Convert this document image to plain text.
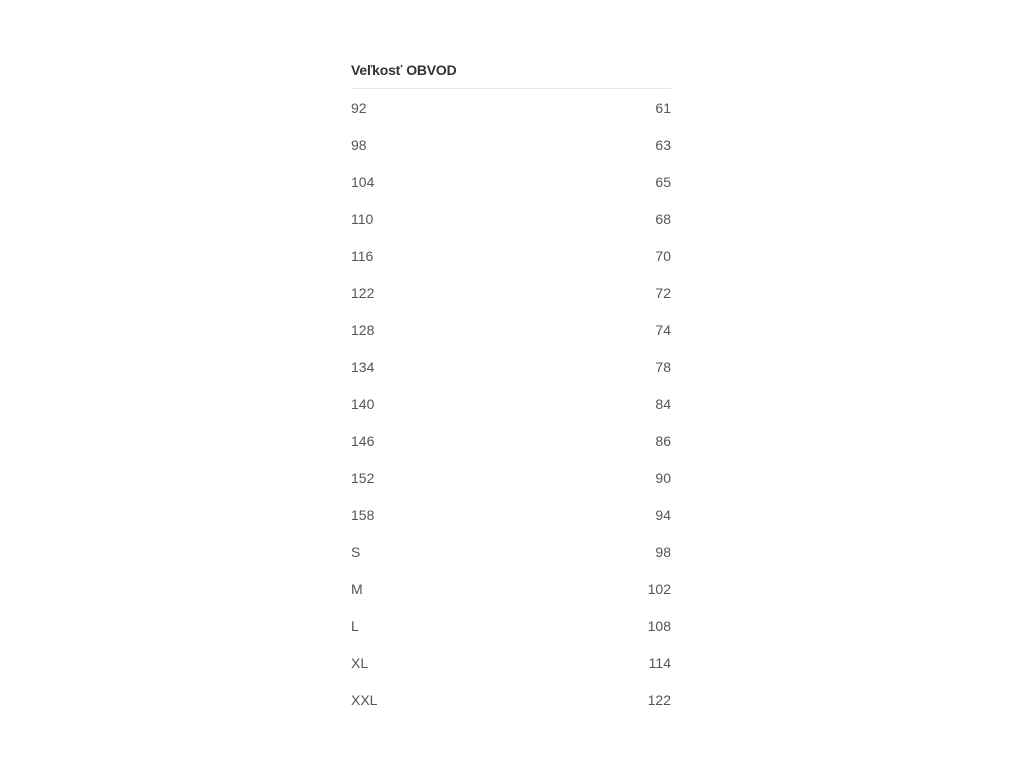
Veľkosť OBVOD
92	61
98	63
104	65
110	68
116	70
122	72
128	74
134	78
140	84
146	86
152	90
158	94
S	98
M	102
L	108
XL	114
XXL	122
